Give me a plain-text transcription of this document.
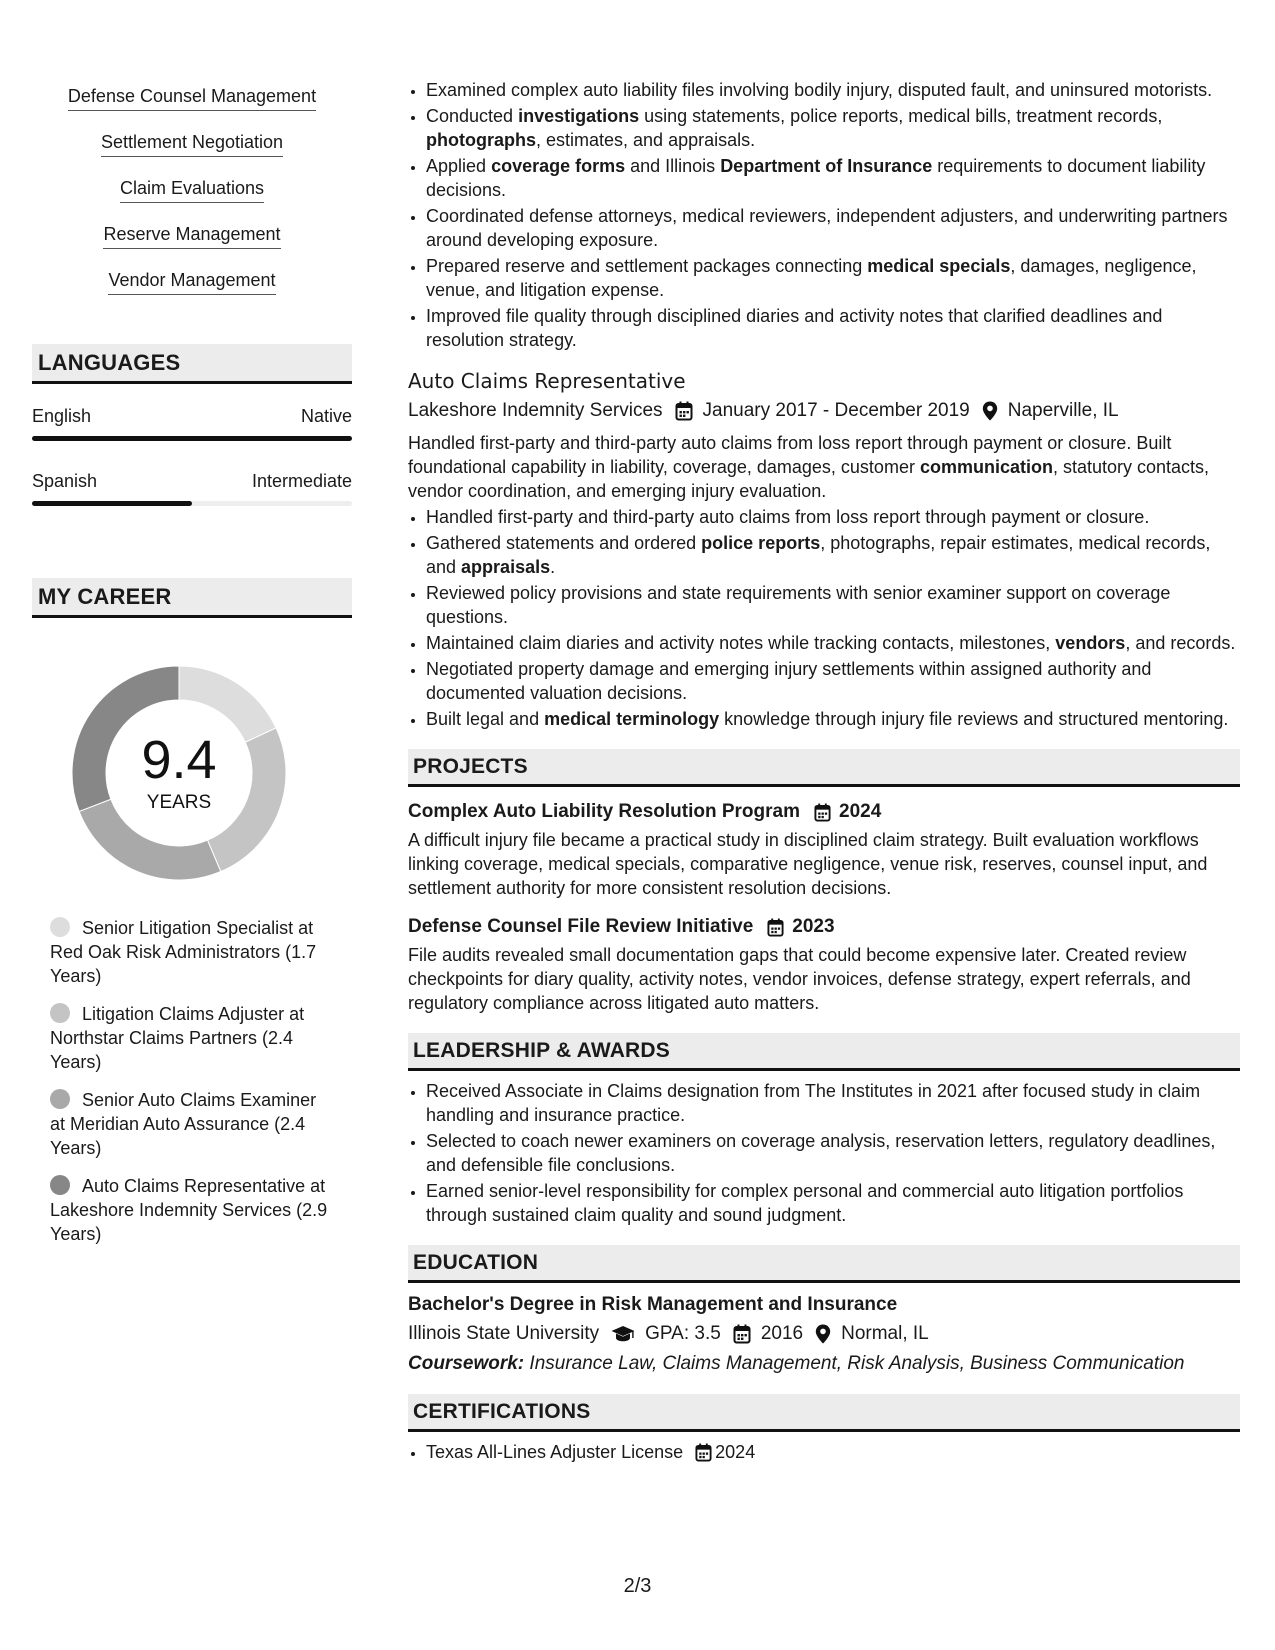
Defense Counsel Management
Settlement Negotiation
Claim Evaluations
Reserve Management
Vendor Management
LANGUAGES
English	Native
Spanish	Intermediate
MY CAREER
9.4
YEARS
Senior Litigation Specialist at Red Oak Risk Administrators (1.7 Years)
Litigation Claims Adjuster at Northstar Claims Partners (2.4 Years)
Senior Auto Claims Examiner at Meridian Auto Assurance (2.4 Years)
Auto Claims Representative at Lakeshore Indemnity Services (2.9 Years)
• Examined complex auto liability files involving bodily injury, disputed fault, and uninsured motorists.
• Conducted investigations using statements, police reports, medical bills, treatment records, photographs, estimates, and appraisals.
• Applied coverage forms and Illinois Department of Insurance requirements to document liability decisions.
• Coordinated defense attorneys, medical reviewers, independent adjusters, and underwriting partners around developing exposure.
• Prepared reserve and settlement packages connecting medical specials, damages, negligence, venue, and litigation expense.
• Improved file quality through disciplined diaries and activity notes that clarified deadlines and resolution strategy.
Auto Claims Representative
Lakeshore Indemnity Services January 2017 - December 2019 Naperville, IL
Handled first-party and third-party auto claims from loss report through payment or closure. Built foundational capability in liability, coverage, damages, customer communication, statutory contacts, vendor coordination, and emerging injury evaluation.
• Handled first-party and third-party auto claims from loss report through payment or closure.
• Gathered statements and ordered police reports, photographs, repair estimates, medical records, and appraisals.
• Reviewed policy provisions and state requirements with senior examiner support on coverage questions.
• Maintained claim diaries and activity notes while tracking contacts, milestones, vendors, and records.
• Negotiated property damage and emerging injury settlements within assigned authority and documented valuation decisions.
• Built legal and medical terminology knowledge through injury file reviews and structured mentoring.
PROJECTS
Complex Auto Liability Resolution Program 2024
A difficult injury file became a practical study in disciplined claim strategy. Built evaluation workflows linking coverage, medical specials, comparative negligence, venue risk, reserves, counsel input, and settlement authority for more consistent resolution decisions.
Defense Counsel File Review Initiative 2023
File audits revealed small documentation gaps that could become expensive later. Created review checkpoints for diary quality, activity notes, vendor invoices, defense strategy, expert referrals, and regulatory compliance across litigated auto matters.
LEADERSHIP & AWARDS
• Received Associate in Claims designation from The Institutes in 2021 after focused study in claim handling and insurance practice.
• Selected to coach newer examiners on coverage analysis, reservation letters, regulatory deadlines, and defensible file conclusions.
• Earned senior-level responsibility for complex personal and commercial auto litigation portfolios through sustained claim quality and sound judgment.
EDUCATION
Bachelor's Degree in Risk Management and Insurance
Illinois State University GPA: 3.5 2016 Normal, IL
Coursework: Insurance Law, Claims Management, Risk Analysis, Business Communication
CERTIFICATIONS
• Texas All-Lines Adjuster License 2024
2/3
